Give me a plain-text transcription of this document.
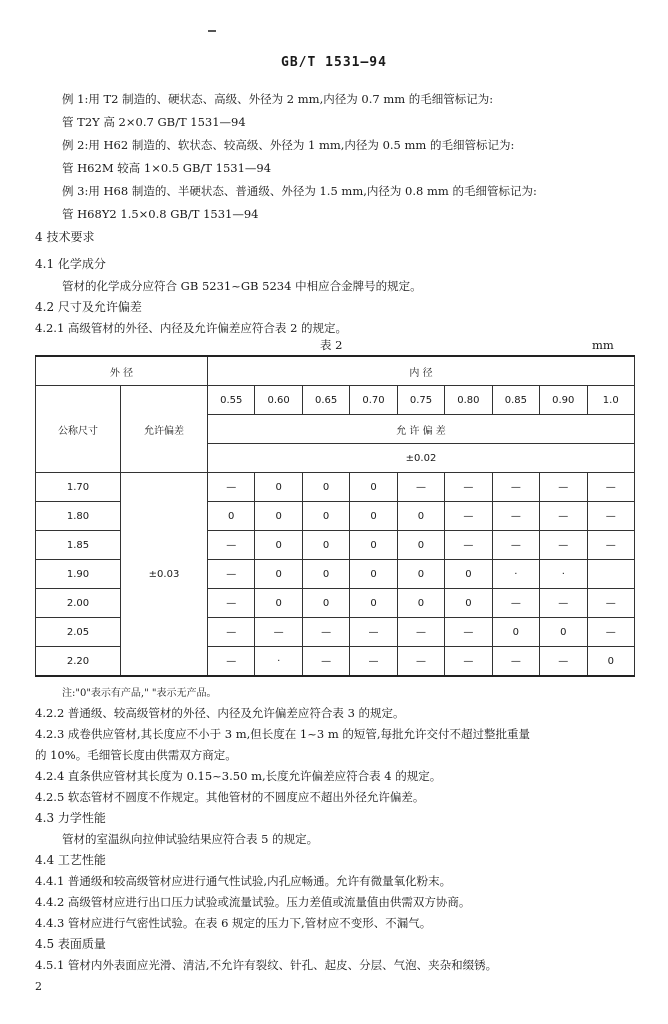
GB/T 1531—94
例 1:用 T2 制造的、硬状态、高级、外径为 2 mm,内径为 0.7 mm 的毛细管标记为:
管 T2Y 高 2×0.7 GB/T 1531—94
例 2:用 H62 制造的、软状态、较高级、外径为 1 mm,内径为 0.5 mm 的毛细管标记为:
管 H62M 较高 1×0.5 GB/T 1531—94
例 3:用 H68 制造的、半硬状态、普通级、外径为 1.5 mm,内径为 0.8 mm 的毛细管标记为:
管 H68Y2 1.5×0.8 GB/T 1531—94
4 技术要求
4.1 化学成分
管材的化学成分应符合 GB 5231~GB 5234 中相应合金牌号的规定。
4.2 尺寸及允许偏差
4.2.1 高级管材的外径、内径及允许偏差应符合表 2 的规定。
表 2	mm
外 径		内 径								
公称尺寸	允许偏差	0.55	0.60	0.65	0.70	0.75	0.80	0.85	0.90	1.0
		允 许 偏 差								
		±0.02								
1.70	±0.03	—	0	0	0	—	—	—	—	—
1.80		0	0	0	0	0	—	—	—	—
1.85		—	0	0	0	0	—	—	—	—
1.90		—	0	0	0	0	0	·	·	
2.00		—	0	0	0	0	0	—	—	—
2.05		—	—	—	—	—	—	0	0	—
2.20		—	·	—	—	—	—	—	—	0
注:"0"表示有产品," "表示无产品。
4.2.2 普通级、较高级管材的外径、内径及允许偏差应符合表 3 的规定。
4.2.3 成卷供应管材,其长度应不小于 3 m,但长度在 1~3 m 的短管,每批允许交付不超过整批重量
的 10%。毛细管长度由供需双方商定。
4.2.4 直条供应管材其长度为 0.15~3.50 m,长度允许偏差应符合表 4 的规定。
4.2.5 软态管材不圆度不作规定。其他管材的不圆度应不超出外径允许偏差。
4.3 力学性能
管材的室温纵向拉伸试验结果应符合表 5 的规定。
4.4 工艺性能
4.4.1 普通级和较高级管材应进行通气性试验,内孔应畅通。允许有微量氧化粉末。
4.4.2 高级管材应进行出口压力试验或流量试验。压力差值或流量值由供需双方协商。
4.4.3 管材应进行气密性试验。在表 6 规定的压力下,管材应不变形、不漏气。
4.5 表面质量
4.5.1 管材内外表面应光滑、清洁,不允许有裂纹、针孔、起皮、分层、气泡、夹杂和缀锈。
2
